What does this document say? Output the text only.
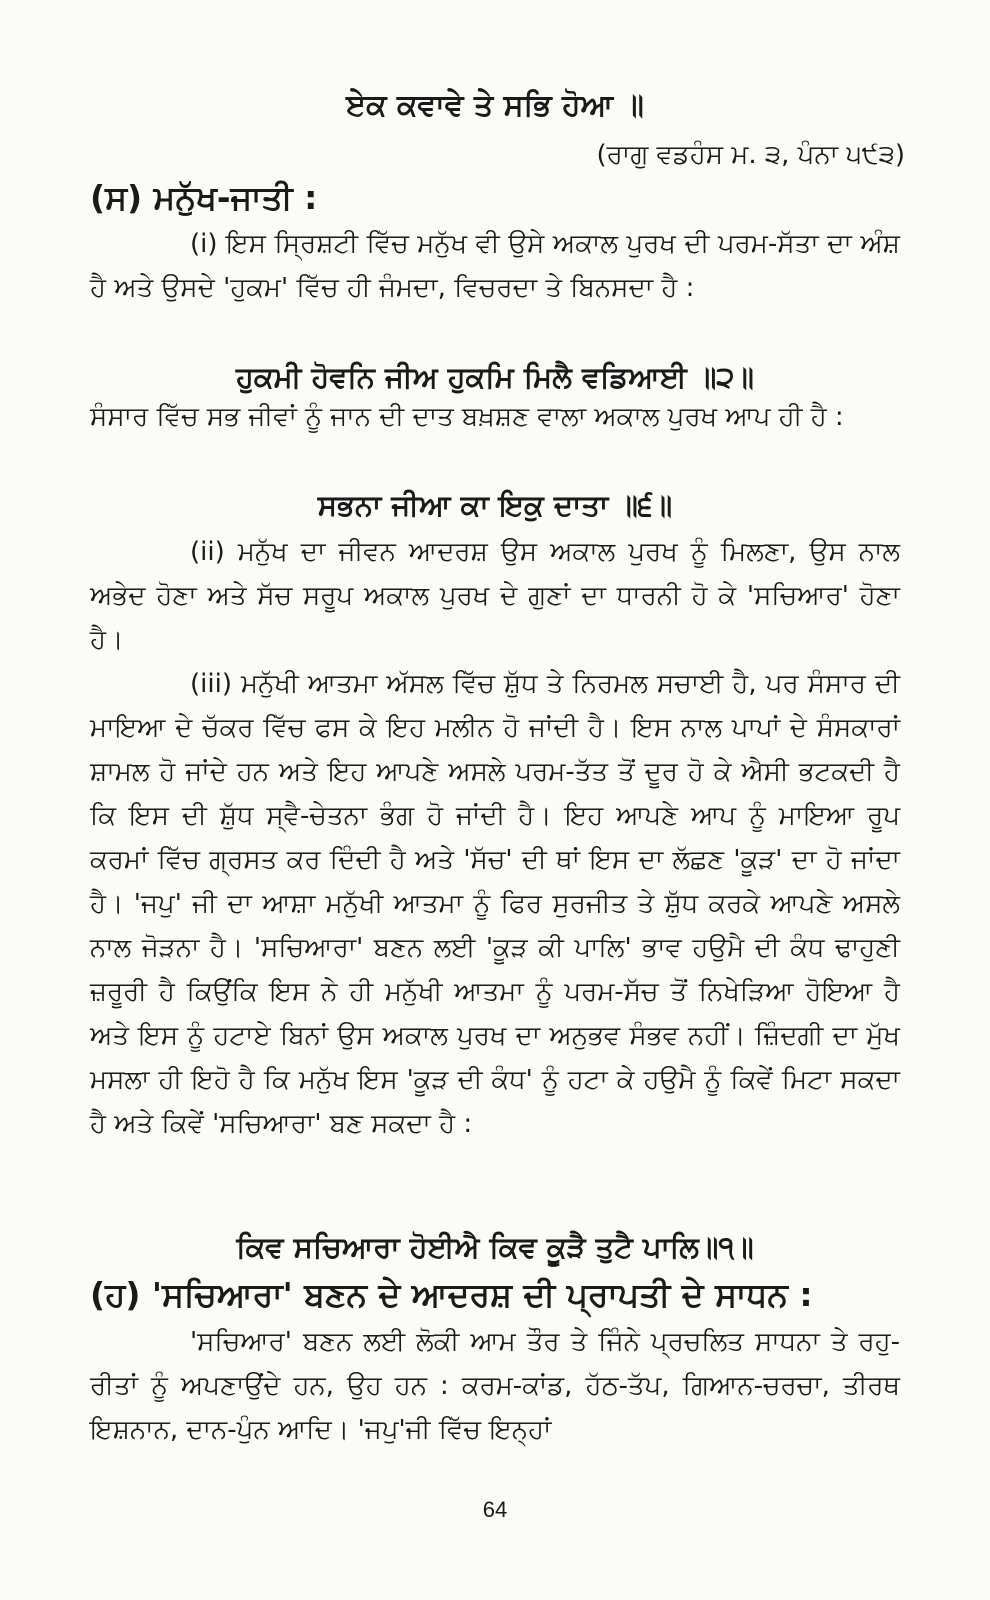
ਏਕ ਕਵਾਵੇ ਤੇ ਸਭਿ ਹੋਆ ॥
(ਰਾਗੁ ਵਡਹੰਸ ਮ. ੩, ਪੰਨਾ ੫੯੩)
(ਸ) ਮਨੁੱਖ-ਜਾਤੀ :

(i) ਇਸ ਸ੍ਰਿਸ਼ਟੀ ਵਿੱਚ ਮਨੁੱਖ ਵੀ ਉਸੇ ਅਕਾਲ ਪੁਰਖ ਦੀ ਪਰਮ-ਸੱਤਾ ਦਾ ਅੰਸ਼ ਹੈ ਅਤੇ ਉਸਦੇ 'ਹੁਕਮ' ਵਿੱਚ ਹੀ ਜੰਮਦਾ, ਵਿਚਰਦਾ ਤੇ ਬਿਨਸਦਾ ਹੈ :

ਹੁਕਮੀ ਹੋਵਨਿ ਜੀਅ ਹੁਕਮਿ ਮਿਲੈ ਵਡਿਆਈ ॥੨॥

ਸੰਸਾਰ ਵਿੱਚ ਸਭ ਜੀਵਾਂ ਨੂੰ ਜਾਨ ਦੀ ਦਾਤ ਬਖ਼ਸ਼ਣ ਵਾਲਾ ਅਕਾਲ ਪੁਰਖ ਆਪ ਹੀ ਹੈ :

ਸਭਨਾ ਜੀਆ ਕਾ ਇਕੁ ਦਾਤਾ ॥੬॥

(ii) ਮਨੁੱਖ ਦਾ ਜੀਵਨ ਆਦਰਸ਼ ਉਸ ਅਕਾਲ ਪੁਰਖ ਨੂੰ ਮਿਲਣਾ, ਉਸ ਨਾਲ ਅਭੇਦ ਹੋਣਾ ਅਤੇ ਸੱਚ ਸਰੂਪ ਅਕਾਲ ਪੁਰਖ ਦੇ ਗੁਣਾਂ ਦਾ ਧਾਰਨੀ ਹੋ ਕੇ 'ਸਚਿਆਰ' ਹੋਣਾ ਹੈ।

(iii) ਮਨੁੱਖੀ ਆਤਮਾ ਅੱਸਲ ਵਿੱਚ ਸ਼ੁੱਧ ਤੇ ਨਿਰਮਲ ਸਚਾਈ ਹੈ, ਪਰ ਸੰਸਾਰ ਦੀ ਮਾਇਆ ਦੇ ਚੱਕਰ ਵਿੱਚ ਫਸ ਕੇ ਇਹ ਮਲੀਨ ਹੋ ਜਾਂਦੀ ਹੈ। ਇਸ ਨਾਲ ਪਾਪਾਂ ਦੇ ਸੰਸਕਾਰਾਂ ਸ਼ਾਮਲ ਹੋ ਜਾਂਦੇ ਹਨ ਅਤੇ ਇਹ ਆਪਣੇ ਅਸਲੇ ਪਰਮ-ਤੱਤ ਤੋਂ ਦੂਰ ਹੋ ਕੇ ਐਸੀ ਭਟਕਦੀ ਹੈ ਕਿ ਇਸ ਦੀ ਸ਼ੁੱਧ ਸ੍ਵੈ-ਚੇਤਨਾ ਭੰਗ ਹੋ ਜਾਂਦੀ ਹੈ। ਇਹ ਆਪਣੇ ਆਪ ਨੂੰ ਮਾਇਆ ਰੂਪ ਕਰਮਾਂ ਵਿੱਚ ਗ੍ਰਸਤ ਕਰ ਦਿੰਦੀ ਹੈ ਅਤੇ 'ਸੱਚ' ਦੀ ਥਾਂ ਇਸ ਦਾ ਲੱਛਣ 'ਕੂੜ' ਦਾ ਹੋ ਜਾਂਦਾ ਹੈ। 'ਜਪੁ' ਜੀ ਦਾ ਆਸ਼ਾ ਮਨੁੱਖੀ ਆਤਮਾ ਨੂੰ ਫਿਰ ਸੁਰਜੀਤ ਤੇ ਸ਼ੁੱਧ ਕਰਕੇ ਆਪਣੇ ਅਸਲੇ ਨਾਲ ਜੋੜਨਾ ਹੈ। 'ਸਚਿਆਰਾ' ਬਣਨ ਲਈ 'ਕੂੜ ਕੀ ਪਾਲਿ' ਭਾਵ ਹਉਮੈ ਦੀ ਕੰਧ ਢਾਹੁਣੀ ਜ਼ਰੂਰੀ ਹੈ ਕਿਉਂਕਿ ਇਸ ਨੇ ਹੀ ਮਨੁੱਖੀ ਆਤਮਾ ਨੂੰ ਪਰਮ-ਸੱਚ ਤੋਂ ਨਿਖੇੜਿਆ ਹੋਇਆ ਹੈ ਅਤੇ ਇਸ ਨੂੰ ਹਟਾਏ ਬਿਨਾਂ ਉਸ ਅਕਾਲ ਪੁਰਖ ਦਾ ਅਨੁਭਵ ਸੰਭਵ ਨਹੀਂ। ਜ਼ਿੰਦਗੀ ਦਾ ਮੁੱਖ ਮਸਲਾ ਹੀ ਇਹੋ ਹੈ ਕਿ ਮਨੁੱਖ ਇਸ 'ਕੂੜ ਦੀ ਕੰਧ' ਨੂੰ ਹਟਾ ਕੇ ਹਉਮੈ ਨੂੰ ਕਿਵੇਂ ਮਿਟਾ ਸਕਦਾ ਹੈ ਅਤੇ ਕਿਵੇਂ 'ਸਚਿਆਰਾ' ਬਣ ਸਕਦਾ ਹੈ :

ਕਿਵ ਸਚਿਆਰਾ ਹੋਈਐ ਕਿਵ ਕੂੜੈ ਤੁਟੈ ਪਾਲਿ॥੧॥
(ਹ) 'ਸਚਿਆਰਾ' ਬਣਨ ਦੇ ਆਦਰਸ਼ ਦੀ ਪ੍ਰਾਪਤੀ ਦੇ ਸਾਧਨ :

'ਸਚਿਆਰ' ਬਣਨ ਲਈ ਲੋਕੀ ਆਮ ਤੌਰ ਤੇ ਜਿੰਨੇ ਪ੍ਰਚਲਿਤ ਸਾਧਨਾ ਤੇ ਰਹੁ-ਰੀਤਾਂ ਨੂੰ ਅਪਣਾਉਂਦੇ ਹਨ, ਉਹ ਹਨ : ਕਰਮ-ਕਾਂਡ, ਹੱਠ-ਤੱਪ, ਗਿਆਨ-ਚਰਚਾ, ਤੀਰਥ ਇਸ਼ਨਾਨ, ਦਾਨ-ਪੁੰਨ ਆਦਿ। 'ਜਪੁ'ਜੀ ਵਿੱਚ ਇਨ੍ਹਾਂ

64
